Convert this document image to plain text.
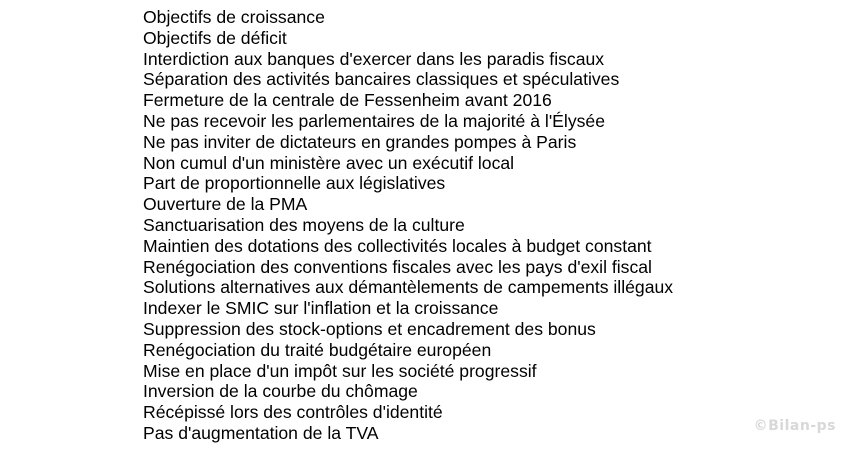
Objectifs de croissance
Objectifs de déficit
Interdiction aux banques d'exercer dans les paradis fiscaux
Séparation des activités bancaires classiques et spéculatives
Fermeture de la centrale de Fessenheim avant 2016
Ne pas recevoir les parlementaires de la majorité à l'Élysée
Ne pas inviter de dictateurs en grandes pompes à Paris
Non cumul d'un ministère avec un exécutif local
Part de proportionnelle aux législatives
Ouverture de la PMA
Sanctuarisation des moyens de la culture
Maintien des dotations des collectivités locales à budget constant
Renégociation des conventions fiscales avec les pays d'exil fiscal
Solutions alternatives aux démantèlements de campements illégaux
Indexer le SMIC sur l'inflation et la croissance
Suppression des stock-options et encadrement des bonus
Renégociation du traité budgétaire européen
Mise en place d'un impôt sur les société progressif
Inversion de la courbe du chômage
Récépissé lors des contrôles d'identité
Pas d'augmentation de la TVA	©Bilan-ps
